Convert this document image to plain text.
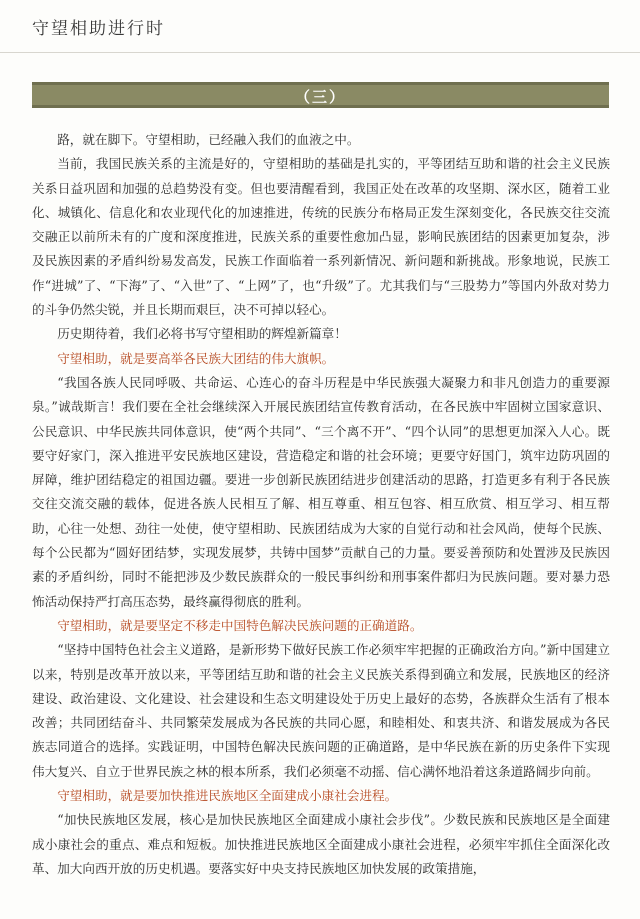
守望相助进行时
（三）

路，就在脚下。守望相助，已经融入我们的血液之中。

当前，我国民族关系的主流是好的，守望相助的基础是扎实的，平等团结互助和谐的社会主义民族关系日益巩固和加强的总趋势没有变。但也要清醒看到，我国正处在改革的攻坚期、深水区，随着工业化、城镇化、信息化和农业现代化的加速推进，传统的民族分布格局正发生深刻变化，各民族交往交流交融正以前所未有的广度和深度推进，民族关系的重要性愈加凸显，影响民族团结的因素更加复杂，涉及民族因素的矛盾纠纷易发高发，民族工作面临着一系列新情况、新问题和新挑战。形象地说，民族工作“进城”了、“下海”了、“入世”了、“上网”了，也“升级”了。尤其我们与“三股势力”等国内外敌对势力的斗争仍然尖锐，并且长期而艰巨，决不可掉以轻心。

历史期待着，我们必将书写守望相助的辉煌新篇章！

守望相助，就是要高举各民族大团结的伟大旗帜。

“我国各族人民同呼吸、共命运、心连心的奋斗历程是中华民族强大凝聚力和非凡创造力的重要源泉。”诚哉斯言！我们要在全社会继续深入开展民族团结宣传教育活动，在各民族中牢固树立国家意识、公民意识、中华民族共同体意识，使“两个共同”、“三个离不开”、“四个认同”的思想更加深入人心。既要守好家门，深入推进平安民族地区建设，营造稳定和谐的社会环境；更要守好国门，筑牢边防巩固的屏障，维护团结稳定的祖国边疆。要进一步创新民族团结进步创建活动的思路，打造更多有利于各民族交往交流交融的载体，促进各族人民相互了解、相互尊重、相互包容、相互欣赏、相互学习、相互帮助，心往一处想、劲往一处使，使守望相助、民族团结成为大家的自觉行动和社会风尚，使每个民族、每个公民都为“圆好团结梦，实现发展梦，共铸中国梦”贡献自己的力量。要妥善预防和处置涉及民族因素的矛盾纠纷，同时不能把涉及少数民族群众的一般民事纠纷和刑事案件都归为民族问题。要对暴力恐怖活动保持严打高压态势，最终赢得彻底的胜利。

守望相助，就是要坚定不移走中国特色解决民族问题的正确道路。

“坚持中国特色社会主义道路，是新形势下做好民族工作必须牢牢把握的正确政治方向。”新中国建立以来，特别是改革开放以来，平等团结互助和谐的社会主义民族关系得到确立和发展，民族地区的经济建设、政治建设、文化建设、社会建设和生态文明建设处于历史上最好的态势，各族群众生活有了根本改善；共同团结奋斗、共同繁荣发展成为各民族的共同心愿，和睦相处、和衷共济、和谐发展成为各民族志同道合的选择。实践证明，中国特色解决民族问题的正确道路，是中华民族在新的历史条件下实现伟大复兴、自立于世界民族之林的根本所系，我们必须毫不动摇、信心满怀地沿着这条道路阔步向前。

守望相助，就是要加快推进民族地区全面建成小康社会进程。

“加快民族地区发展，核心是加快民族地区全面建成小康社会步伐”。少数民族和民族地区是全面建成小康社会的重点、难点和短板。加快推进民族地区全面建成小康社会进程，必须牢牢抓住全面深化改革、加大向西开放的历史机遇。要落实好中央支持民族地区加快发展的政策措施，
